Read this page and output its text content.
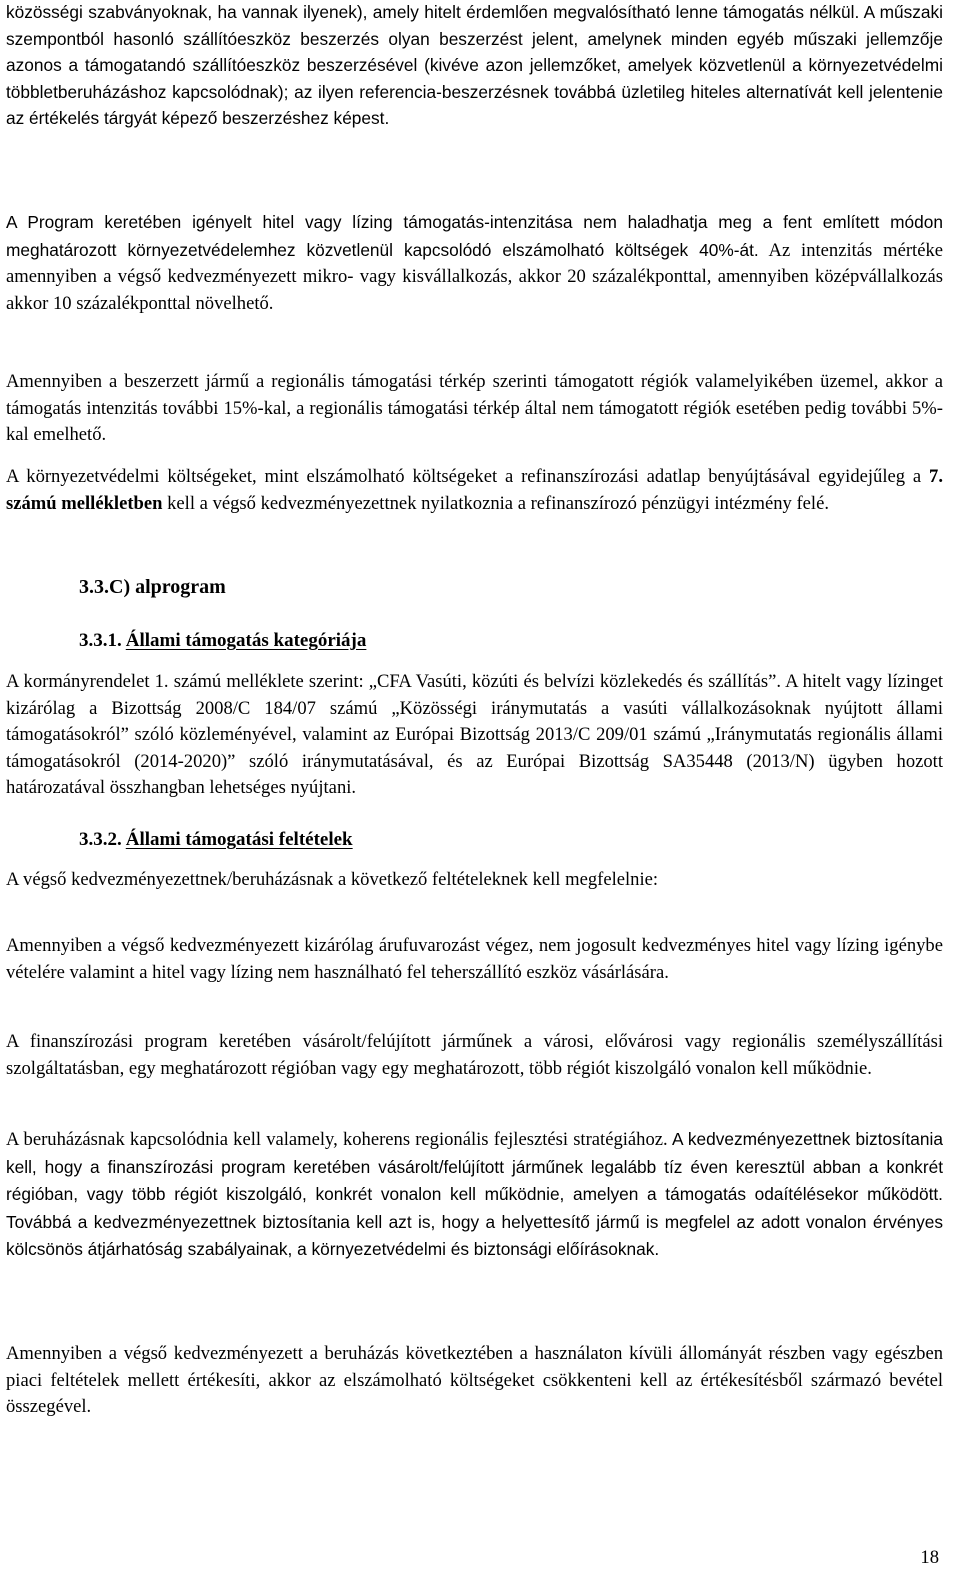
közösségi szabványoknak, ha vannak ilyenek), amely hitelt érdemlően megvalósítható lenne támogatás nélkül. A műszaki szempontból hasonló szállítóeszköz beszerzés olyan beszerzést jelent, amelynek minden egyéb műszaki jellemzője azonos a támogatandó szállítóeszköz beszerzésével (kivéve azon jellemzőket, amelyek közvetlenül a környezetvédelmi többletberuházáshoz kapcsolódnak); az ilyen referencia-beszerzésnek továbbá üzletileg hiteles alternatívát kell jelentenie az értékelés tárgyát képező beszerzéshez képest.

A Program keretében igényelt hitel vagy lízing támogatás-intenzitása nem haladhatja meg a fent említett módon meghatározott környezetvédelemhez közvetlenül kapcsolódó elszámolható költségek 40%-át. Az intenzitás mértéke amennyiben a végső kedvezményezett mikro- vagy kisvállalkozás, akkor 20 százalékponttal, amennyiben középvállalkozás akkor 10 százalékponttal növelhető.

Amennyiben a beszerzett jármű a regionális támogatási térkép szerinti támogatott régiók valamelyikében üzemel, akkor a támogatás intenzitás további 15%-kal, a regionális támogatási térkép által nem támogatott régiók esetében pedig további 5%-kal emelhető.

A környezetvédelmi költségeket, mint elszámolható költségeket a refinanszírozási adatlap benyújtásával egyidejűleg a 7. számú mellékletben kell a végső kedvezményezettnek nyilatkoznia a refinanszírozó pénzügyi intézmény felé.

3.3.C) alprogram
3.3.1. Állami támogatás kategóriája

A kormányrendelet 1. számú melléklete szerint: „CFA Vasúti, közúti és belvízi közlekedés és szállítás”. A hitelt vagy lízinget kizárólag a Bizottság 2008/C 184/07 számú „Közösségi iránymutatás a vasúti vállalkozásoknak nyújtott állami támogatásokról” szóló közleményével, valamint az Európai Bizottság 2013/C 209/01 számú „Iránymutatás regionális állami támogatásokról (2014-2020)” szóló iránymutatásával, és az Európai Bizottság SA35448 (2013/N) ügyben hozott határozatával összhangban lehetséges nyújtani.

3.3.2. Állami támogatási feltételek

A végső kedvezményezettnek/beruházásnak a következő feltételeknek kell megfelelnie:

Amennyiben a végső kedvezményezett kizárólag árufuvarozást végez, nem jogosult kedvezményes hitel vagy lízing igénybe vételére valamint a hitel vagy lízing nem használható fel teherszállító eszköz vásárlására.

A finanszírozási program keretében vásárolt/felújított járműnek a városi, elővárosi vagy regionális személyszállítási szolgáltatásban, egy meghatározott régióban vagy egy meghatározott, több régiót kiszolgáló vonalon kell működnie.

A beruházásnak kapcsolódnia kell valamely, koherens regionális fejlesztési stratégiához. A kedvezményezettnek biztosítania kell, hogy a finanszírozási program keretében vásárolt/felújított járműnek legalább tíz éven keresztül abban a konkrét régióban, vagy több régiót kiszolgáló, konkrét vonalon kell működnie, amelyen a támogatás odaítélésekor működött. Továbbá a kedvezményezettnek biztosítania kell azt is, hogy a helyettesítő jármű is megfelel az adott vonalon érvényes kölcsönös átjárhatóság szabályainak, a környezetvédelmi és biztonsági előírásoknak.

Amennyiben a végső kedvezményezett a beruházás következtében a használaton kívüli állományát részben vagy egészben piaci feltételek mellett értékesíti, akkor az elszámolható költségeket csökkenteni kell az értékesítésből származó bevétel összegével.

18
